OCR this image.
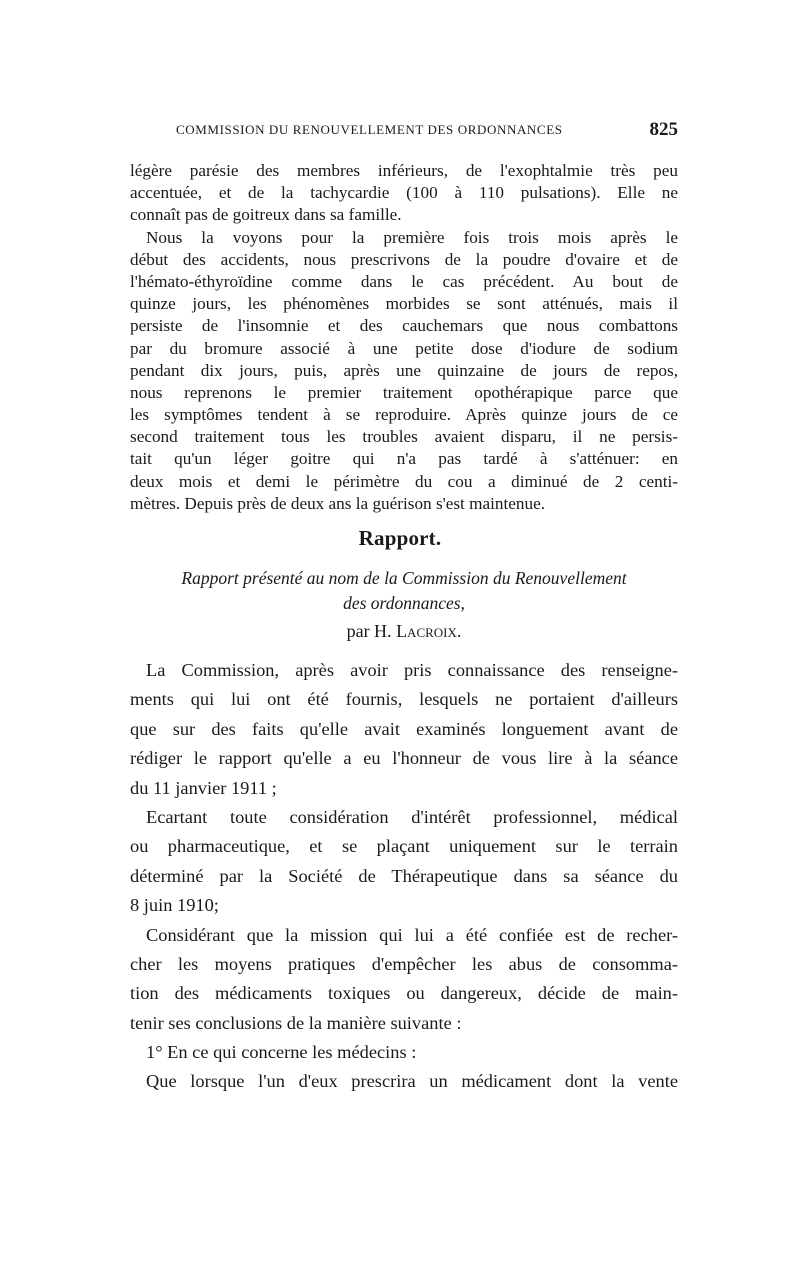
COMMISSION DU RENOUVELLEMENT DES ORDONNANCES	825
légère parésie des membres inférieurs, de l'exophtalmie très peu
accentuée, et de la tachycardie (100 à 110 pulsations). Elle ne
connaît pas de goitreux dans sa famille.
Nous la voyons pour la première fois trois mois après le
début des accidents, nous prescrivons de la poudre d'ovaire et de
l'hémato-éthyroïdine comme dans le cas précédent. Au bout de
quinze jours, les phénomènes morbides se sont atténués, mais il
persiste de l'insomnie et des cauchemars que nous combattons
par du bromure associé à une petite dose d'iodure de sodium
pendant dix jours, puis, après une quinzaine de jours de repos,
nous reprenons le premier traitement opothérapique parce que
les symptômes tendent à se reproduire. Après quinze jours de ce
second traitement tous les troubles avaient disparu, il ne persis-
tait qu'un léger goitre qui n'a pas tardé à s'atténuer: en
deux mois et demi le périmètre du cou a diminué de 2 centi-
mètres. Depuis près de deux ans la guérison s'est maintenue.
Rapport.
Rapport présenté au nom de la Commission du Renouvellement
des ordonnances,
par H. Lacroix.
La Commission, après avoir pris connaissance des renseigne-
ments qui lui ont été fournis, lesquels ne portaient d'ailleurs
que sur des faits qu'elle avait examinés longuement avant de
rédiger le rapport qu'elle a eu l'honneur de vous lire à la séance
du 11 janvier 1911 ;
Ecartant toute considération d'intérêt professionnel, médical
ou pharmaceutique, et se plaçant uniquement sur le terrain
déterminé par la Société de Thérapeutique dans sa séance du
8 juin 1910;
Considérant que la mission qui lui a été confiée est de recher-
cher les moyens pratiques d'empêcher les abus de consomma-
tion des médicaments toxiques ou dangereux, décide de main-
tenir ses conclusions de la manière suivante :
1° En ce qui concerne les médecins :
Que lorsque l'un d'eux prescrira un médicament dont la vente
